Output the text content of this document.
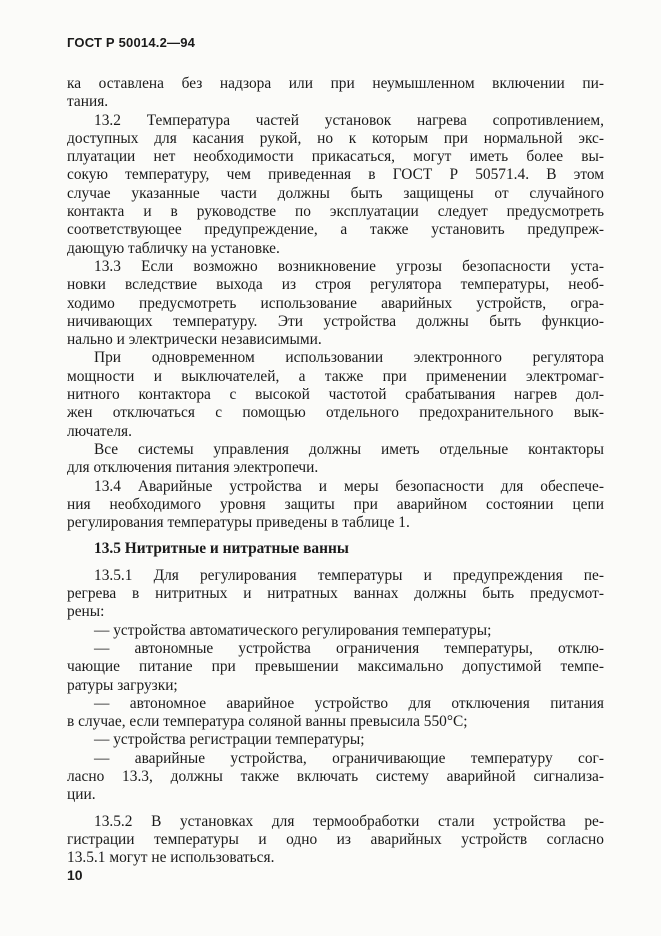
ГОСТ Р 50014.2—94
ка оставлена без надзора или при неумышленном включении пи-
тания.
13.2 Температура частей установок нагрева сопротивлением,
доступных для касания рукой, но к которым при нормальной экс-
плуатации нет необходимости прикасаться, могут иметь более вы-
сокую температуру, чем приведенная в ГОСТ Р 50571.4. В этом
случае указанные части должны быть защищены от случайного
контакта и в руководстве по эксплуатации следует предусмотреть
соответствующее предупреждение, а также установить предупреж-
дающую табличку на установке.
13.3 Если возможно возникновение угрозы безопасности уста-
новки вследствие выхода из строя регулятора температуры, необ-
ходимо предусмотреть использование аварийных устройств, огра-
ничивающих температуру. Эти устройства должны быть функцио-
нально и электрически независимыми.
При одновременном использовании электронного регулятора
мощности и выключателей, а также при применении электромаг-
нитного контактора с высокой частотой срабатывания нагрев дол-
жен отключаться с помощью отдельного предохранительного вык-
лючателя.
Все системы управления должны иметь отдельные контакторы
для отключения питания электропечи.
13.4 Аварийные устройства и меры безопасности для обеспече-
ния необходимого уровня защиты при аварийном состоянии цепи
регулирования температуры приведены в таблице 1.
13.5 Нитритные и нитратные ванны
13.5.1 Для регулирования температуры и предупреждения пе-
регрева в нитритных и нитратных ваннах должны быть предусмот-
рены:
— устройства автоматического регулирования температуры;
— автономные устройства ограничения температуры, отклю-
чающие питание при превышении максимально допустимой темпе-
ратуры загрузки;
— автономное аварийное устройство для отключения питания
в случае, если температура соляной ванны превысила 550°С;
— устройства регистрации температуры;
— аварийные устройства, ограничивающие температуру сог-
ласно 13.3, должны также включать систему аварийной сигнализа-
ции.
13.5.2 В установках для термообработки стали устройства ре-
гистрации температуры и одно из аварийных устройств согласно
13.5.1 могут не использоваться.
10
